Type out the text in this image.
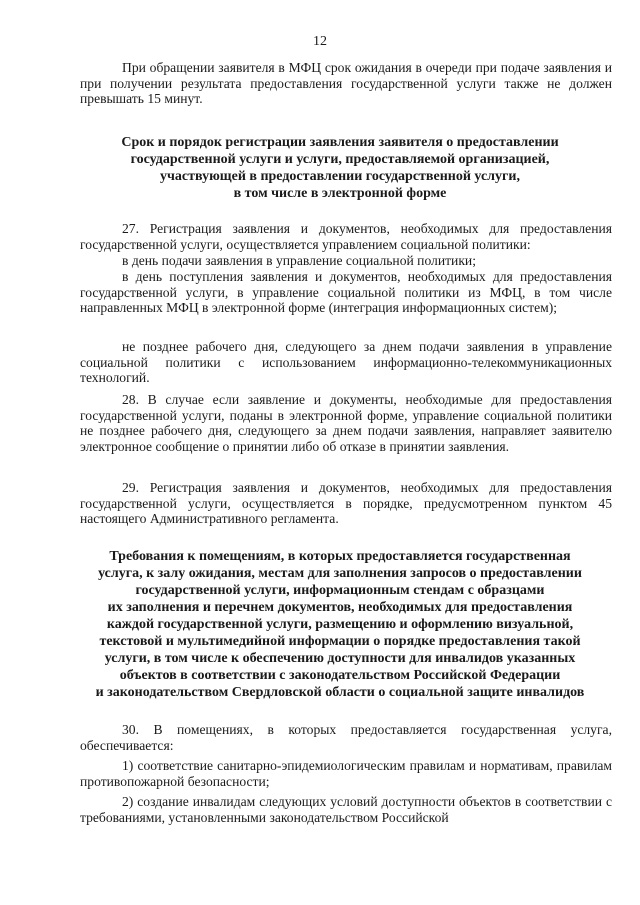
12

При обращении заявителя в МФЦ срок ожидания в очереди при подаче заявления и при получении результата предоставления государственной услуги также не должен превышать 15 минут.

Срок и порядок регистрации заявления заявителя о предоставлении
государственной услуги и услуги, предоставляемой организацией,
участвующей в предоставлении государственной услуги,
в том числе в электронной форме

27. Регистрация заявления и документов, необходимых для предоставления государственной услуги, осуществляется управлением социальной политики:

в день подачи заявления в управление социальной политики;

в день поступления заявления и документов, необходимых для предоставления государственной услуги, в управление социальной политики из МФЦ, в том числе направленных МФЦ в электронной форме (интеграция информационных систем);

не позднее рабочего дня, следующего за днем подачи заявления в управление социальной политики с использованием информационно-телекоммуникационных технологий.

28. В случае если заявление и документы, необходимые для предоставления государственной услуги, поданы в электронной форме, управление социальной политики не позднее рабочего дня, следующего за днем подачи заявления, направляет заявителю электронное сообщение о принятии либо об отказе в принятии заявления.

29. Регистрация заявления и документов, необходимых для предоставления государственной услуги, осуществляется в порядке, предусмотренном пунктом 45 настоящего Административного регламента.

Требования к помещениям, в которых предоставляется государственная
услуга, к залу ожидания, местам для заполнения запросов о предоставлении
государственной услуги, информационным стендам с образцами
их заполнения и перечнем документов, необходимых для предоставления
каждой государственной услуги, размещению и оформлению визуальной,
текстовой и мультимедийной информации о порядке предоставления такой
услуги, в том числе к обеспечению доступности для инвалидов указанных
объектов в соответствии с законодательством Российской Федерации
и законодательством Свердловской области о социальной защите инвалидов

30. В помещениях, в которых предоставляется государственная услуга, обеспечивается:

1) соответствие санитарно-эпидемиологическим правилам и нормативам, правилам противопожарной безопасности;

2) создание инвалидам следующих условий доступности объектов в соответствии с требованиями, установленными законодательством Российской
